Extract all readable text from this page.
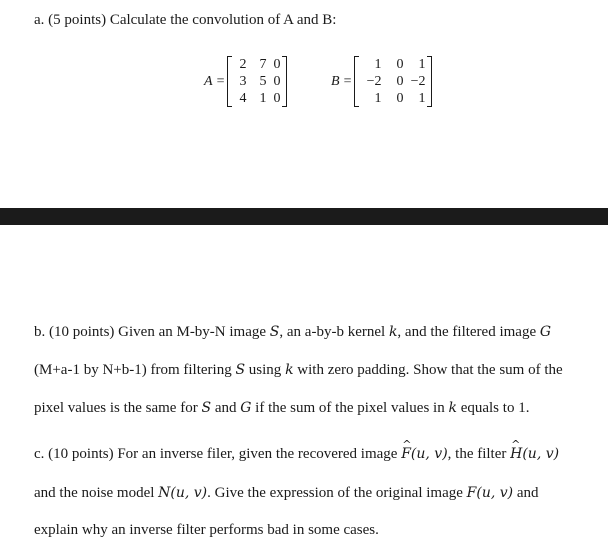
a. (5 points) Calculate the convolution of A and B:
A =
2 7 0
3 5 0
4 1 0
B =
1	0	1
−2	0 −2
1	0	1
b. (10 points) Given an M-by-N image S, an a-by-b kernel k, and the filtered image G
(M+a-1 by N+b-1) from filtering S using k with zero padding. Show that the sum of the
pixel values is the same for S and G if the sum of the pixel values in k equals to 1.
c. (10 points) For an inverse filer, given the recovered image ^ F(u, v), the filter ^ H(u, v)
and the noise model N(u, v). Give the expression of the original image F(u, v) and
explain why an inverse filter performs bad in some cases.
